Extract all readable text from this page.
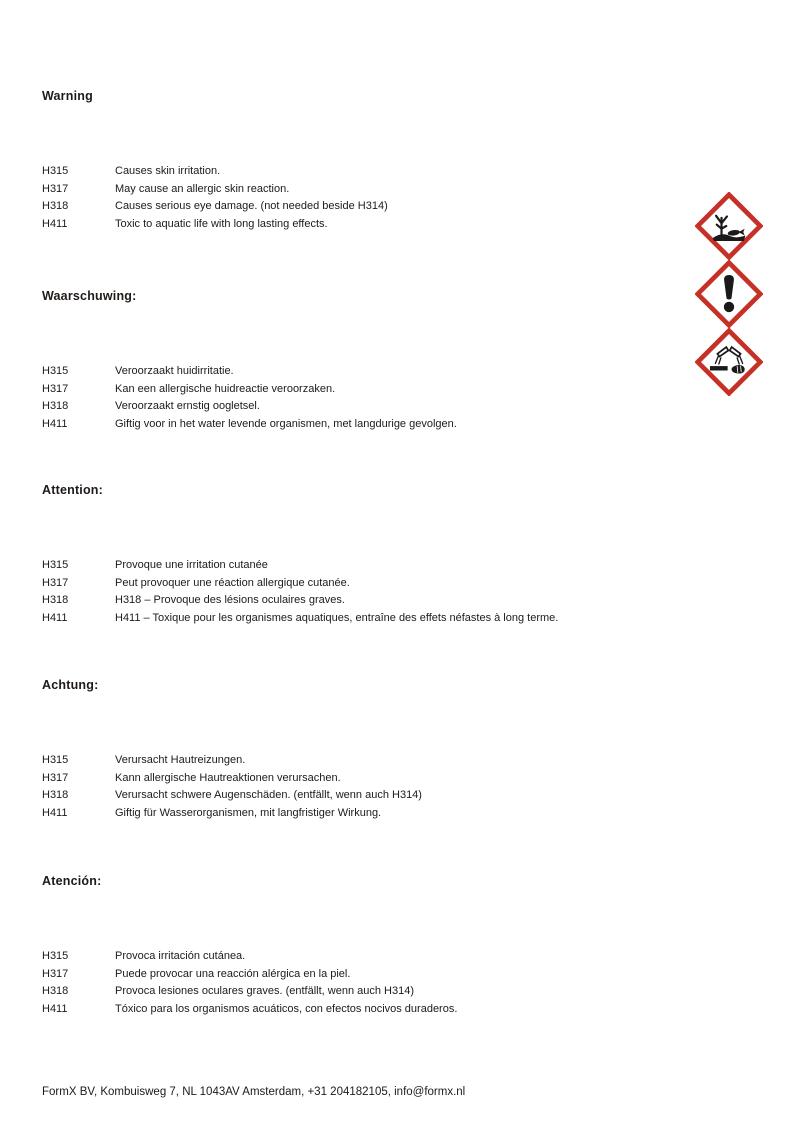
Warning
H315	Causes skin irritation.
H317	May cause an allergic skin reaction.
H318	Causes serious eye damage. (not needed beside H314)
H411	Toxic to aquatic life with long lasting effects.
Waarschuwing:
H315	Veroorzaakt huidirritatie.
H317	Kan een allergische huidreactie veroorzaken.
H318	Veroorzaakt ernstig oogletsel.
H411	Giftig voor in het water levende organismen, met langdurige gevolgen.
Attention:
H315	Provoque une irritation cutanée
H317	Peut provoquer une réaction allergique cutanée.
H318	H318 – Provoque des lésions oculaires graves.
H411	H411 – Toxique pour les organismes aquatiques, entraîne des effets néfastes à long terme.
Achtung:
H315	Verursacht Hautreizungen.
H317	Kann allergische Hautreaktionen verursachen.
H318	Verursacht schwere Augenschäden. (entfällt, wenn auch H314)
H411	Giftig für Wasserorganismen, mit langfristiger Wirkung.
Atención:
H315	Provoca irritación cutánea.
H317	Puede provocar una reacción alérgica en la piel.
H318	Provoca lesiones oculares graves. (entfällt, wenn auch H314)
H411	Tóxico para los organismos acuáticos, con efectos nocivos duraderos.
FormX BV, Kombuisweg 7, NL 1043AV Amsterdam, +31 204182105, info@formx.nl
